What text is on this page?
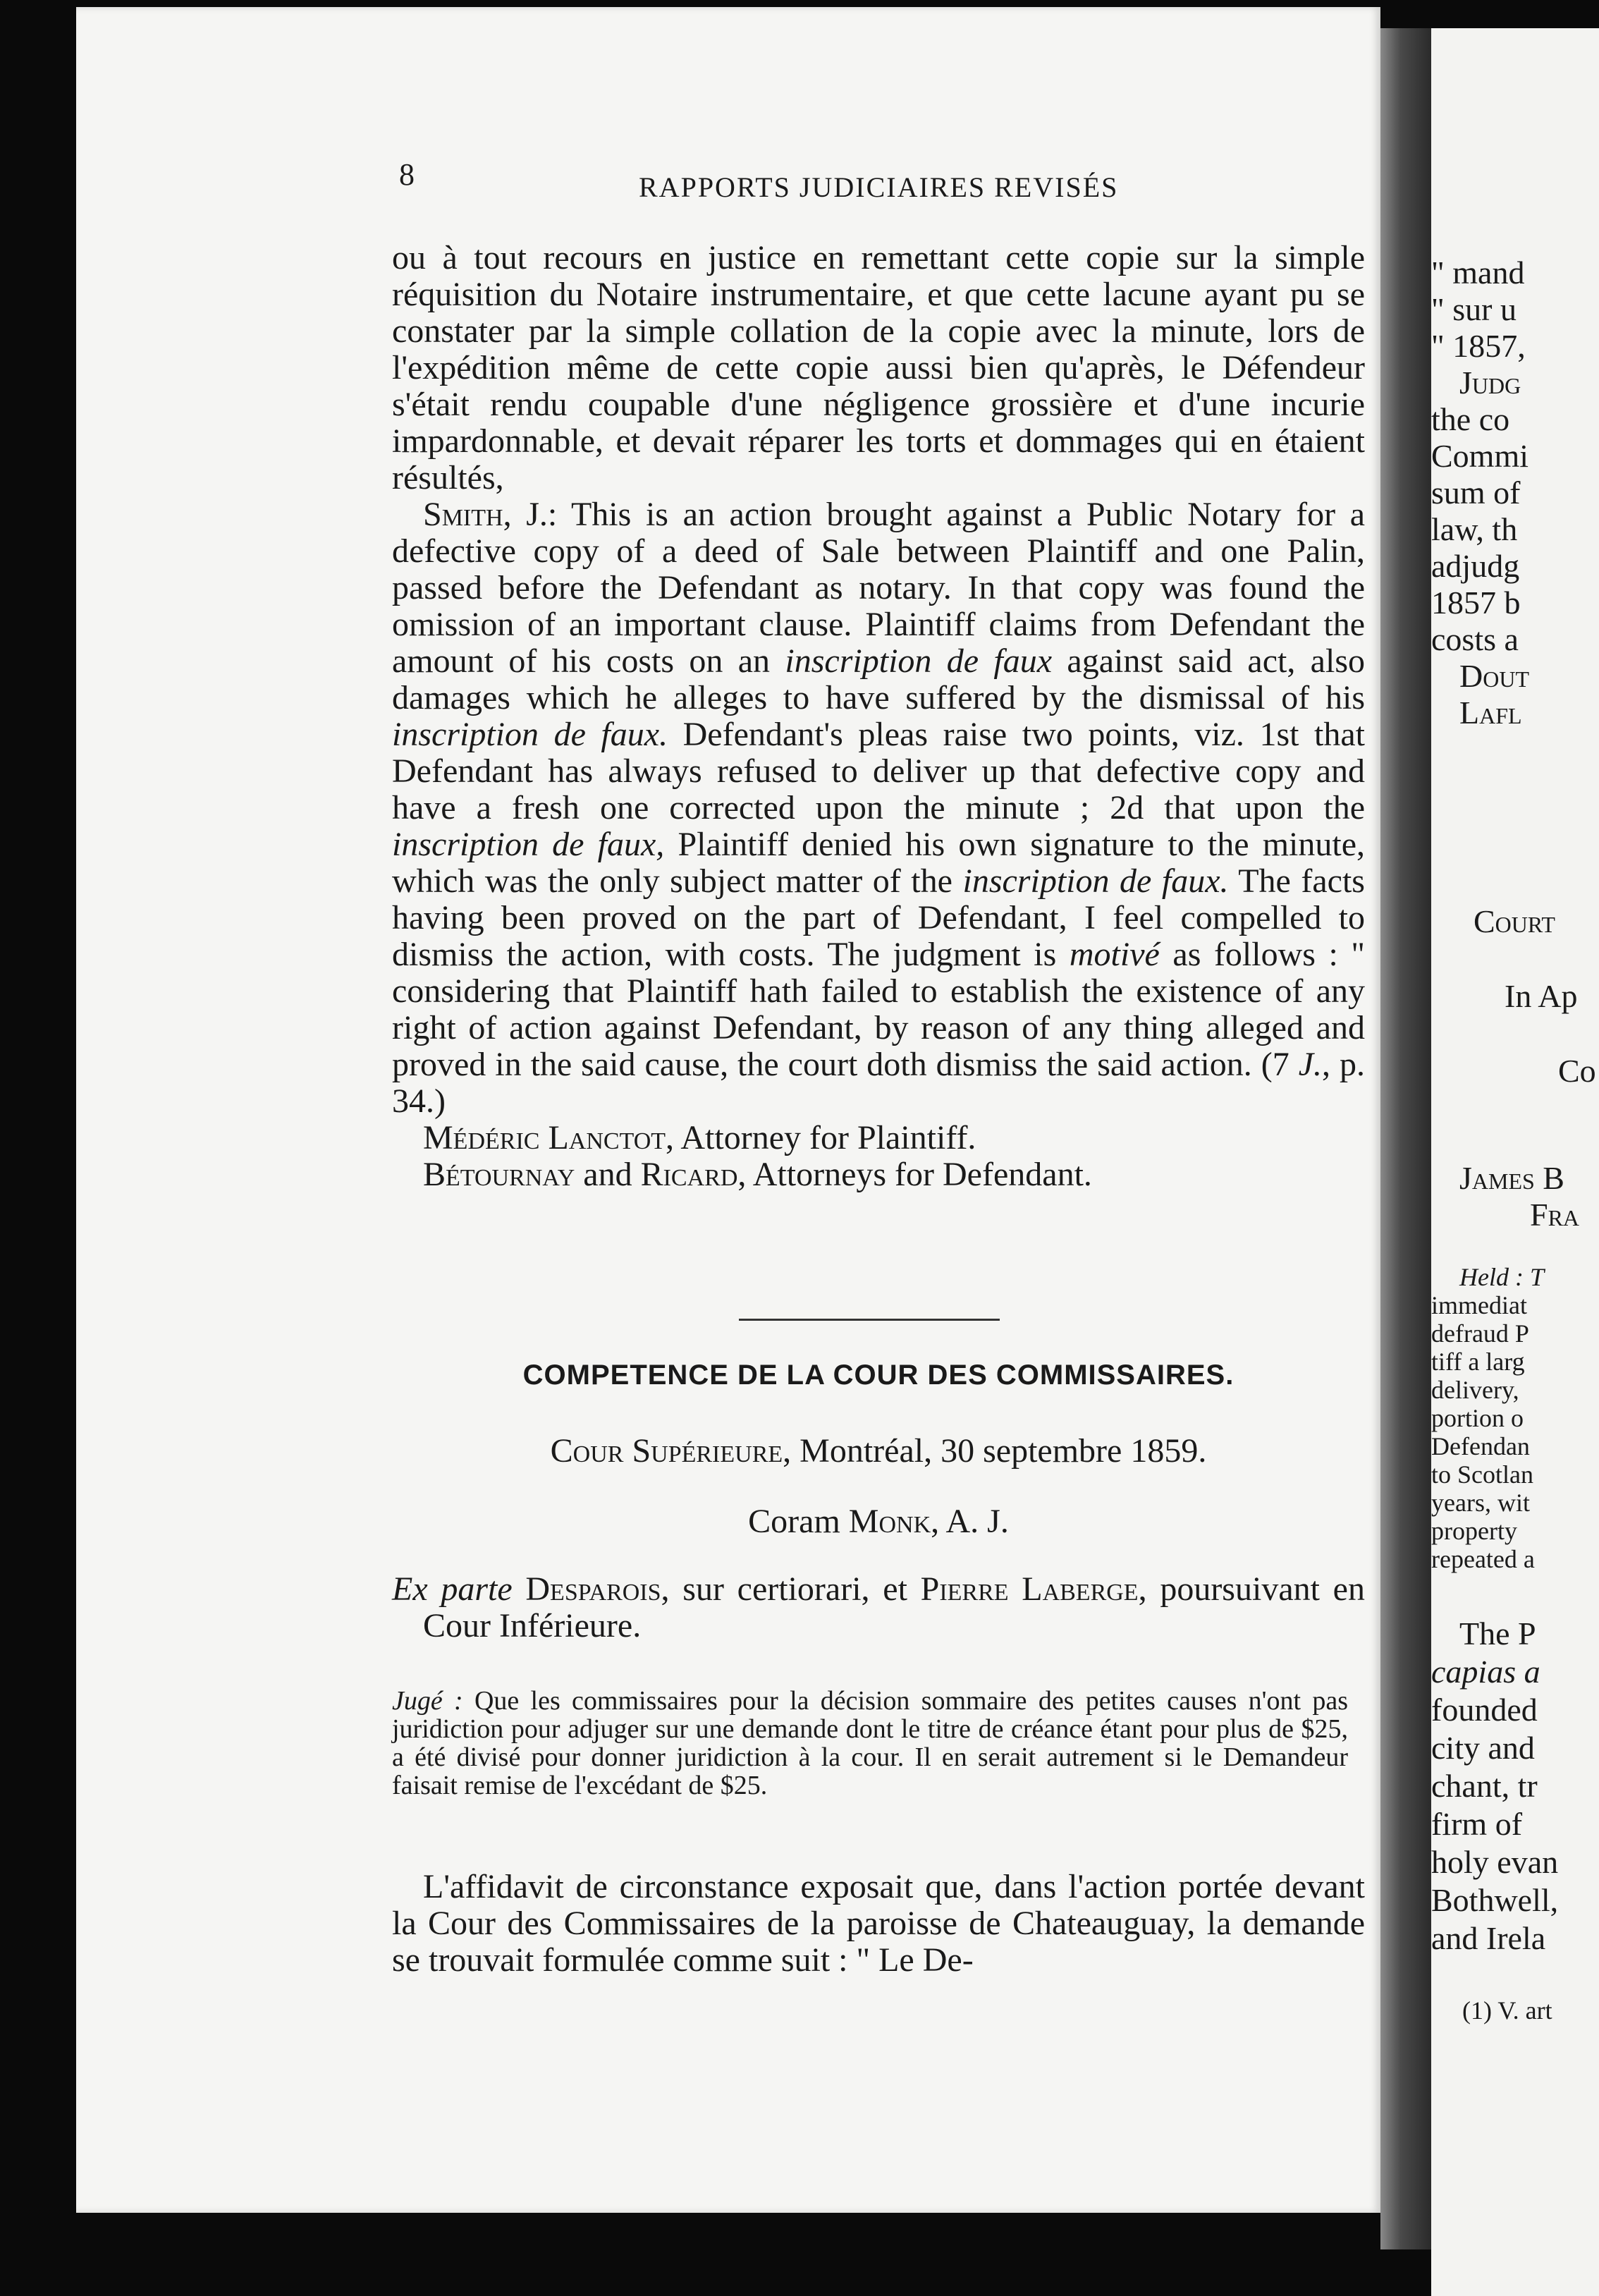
8	RAPPORTS JUDICIAIRES REVISÉS

ou à tout recours en justice en remettant cette copie sur la simple réquisition du Notaire instrumentaire, et que cette lacune ayant pu se constater par la simple collation de la copie avec la minute, lors de l'expédition même de cette copie aussi bien qu'après, le Défendeur s'était rendu coupable d'une négligence grossière et d'une incurie impardonnable, et devait réparer les torts et dommages qui en étaient résultés,

Smith, J.: This is an action brought against a Public Notary for a defective copy of a deed of Sale between Plaintiff and one Palin, passed before the Defendant as notary. In that copy was found the omission of an important clause. Plaintiff claims from Defendant the amount of his costs on an inscription de faux against said act, also damages which he alleges to have suffered by the dismissal of his inscription de faux. Defendant's pleas raise two points, viz. 1st that Defendant has always refused to deliver up that defective copy and have a fresh one corrected upon the minute ; 2d that upon the inscription de faux, Plaintiff denied his own signature to the minute, which was the only subject matter of the inscription de faux. The facts having been proved on the part of Defendant, I feel compelled to dismiss the action, with costs. The judgment is motivé as follows : " considering that Plaintiff hath failed to establish the existence of any right of action against Defendant, by reason of any thing alleged and proved in the said cause, the court doth dismiss the said action. (7 J., p. 34.)

Médéric Lanctot, Attorney for Plaintiff.

Bétournay and Ricard, Attorneys for Defendant.

COMPETENCE DE LA COUR DES COMMISSAIRES.
Cour Supérieure, Montréal, 30 septembre 1859.
Coram Monk, A. J.
Ex parte Desparois, sur certiorari, et Pierre Laberge, poursuivant en Cour Inférieure.
Jugé : Que les commissaires pour la décision sommaire des petites causes n'ont pas juridiction pour adjuger sur une demande dont le titre de créance étant pour plus de $25, a été divisé pour donner juridiction à la cour. Il en serait autrement si le Demandeur faisait remise de l'excédant de $25.

L'affidavit de circonstance exposait que, dans l'action portée devant la Cour des Commissaires de la paroisse de Chateauguay, la demande se trouvait formulée comme suit : " Le De-

" mand
" sur u
" 1857,
Judg
the co
Commi
sum of
law, th
adjudg
1857 b
costs a
Dout
Lafl
Court
In Ap
Co
James B
Fra
Held : T
immediat
defraud P
tiff a larg
delivery,
portion o
Defendan
to Scotlan
years, wit
property
repeated a
The P
capias a
founded
city and
chant, tr
firm of
holy evan
Bothwell,
and Irela
(1) V. art
